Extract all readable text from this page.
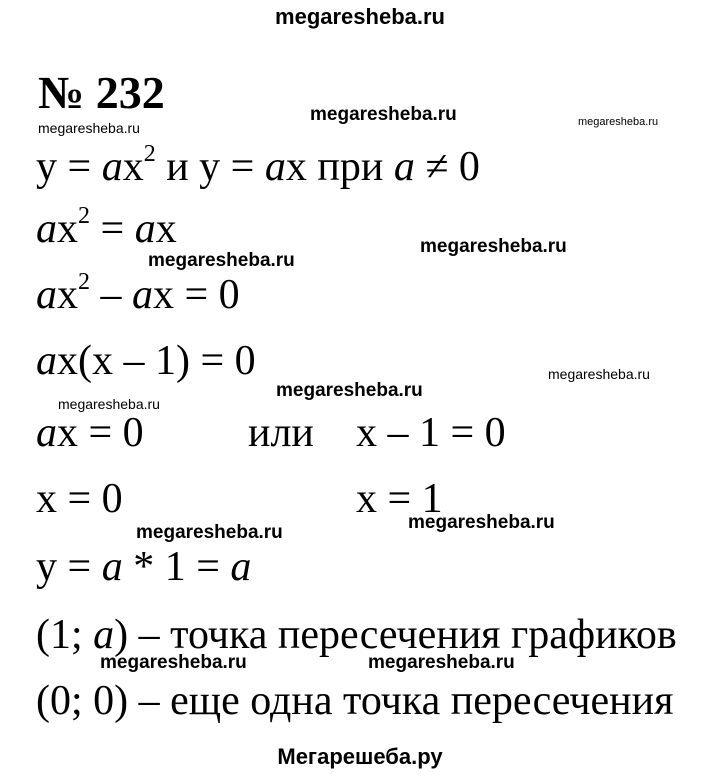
megaresheba.ru
Мегарешеба.ру
№ 232
$y = ax^2$ и y = ax при a ≠ 0
$ax^2$ = ax
$ax^2$ – ax = 0
ax(x – 1) = 0
ax = 0 или x – 1 = 0
x = 0	x = 1
y = a * 1 = a
(1; a) – точка пересечения графиков
(0; 0) – еще одна точка пересечения
megaresheba.ru
megaresheba.ru	megaresheba.ru
megaresheba.ru
megaresheba.ru
megaresheba.ru
megaresheba.ru
megaresheba.ru
megaresheba.ru
megaresheba.ru
megaresheba.ru	megaresheba.ru
